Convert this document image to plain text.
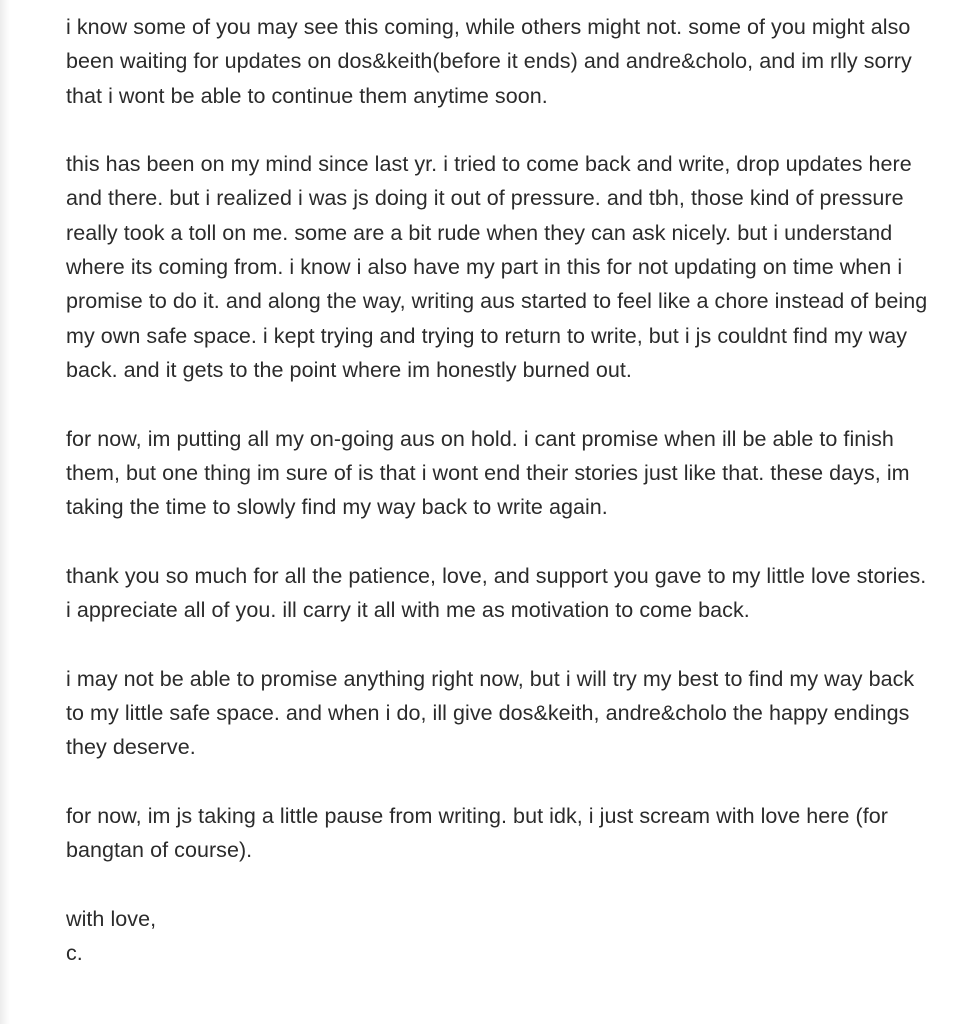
i know some of you may see this coming, while others might not. some of you might also been waiting for updates on dos&keith(before it ends) and andre&cholo, and im rlly sorry that i wont be able to continue them anytime soon.

this has been on my mind since last yr. i tried to come back and write, drop updates here and there. but i realized i was js doing it out of pressure. and tbh, those kind of pressure really took a toll on me. some are a bit rude when they can ask nicely. but i understand where its coming from. i know i also have my part in this for not updating on time when i promise to do it. and along the way, writing aus started to feel like a chore instead of being my own safe space. i kept trying and trying to return to write, but i js couldnt find my way back. and it gets to the point where im honestly burned out.

for now, im putting all my on-going aus on hold. i cant promise when ill be able to finish them, but one thing im sure of is that i wont end their stories just like that. these days, im taking the time to slowly find my way back to write again.

thank you so much for all the patience, love, and support you gave to my little love stories. i appreciate all of you. ill carry it all with me as motivation to come back.

i may not be able to promise anything right now, but i will try my best to find my way back to my little safe space. and when i do, ill give dos&keith, andre&cholo the happy endings they deserve.

for now, im js taking a little pause from writing. but idk, i just scream with love here (for bangtan of course).

with love,
c.
